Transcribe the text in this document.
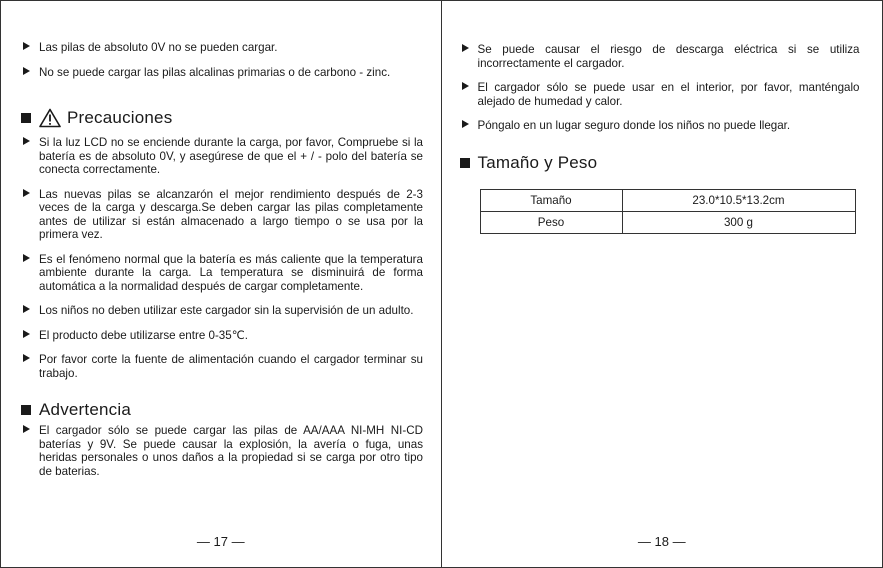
Las pilas de absoluto 0V no se pueden cargar.
No se puede cargar las pilas alcalinas primarias o de carbono - zinc.
Precauciones
Si la luz LCD no se enciende durante la carga, por favor, Compruebe si la batería es de absoluto 0V, y asegúrese de que el + / - polo del batería se conecta correctamente.
Las nuevas pilas se alcanzarón el mejor rendimiento después de 2-3 veces de la carga y descarga.Se deben cargar las pilas completamente antes de utilizar si están almacenado a largo tiempo o se usa por la primera vez.
Es el fenómeno normal que la batería es más caliente que la temperatura ambiente durante la carga. La temperatura se disminuirá de forma automática a la normalidad después de cargar completamente.
Los niños no deben utilizar este cargador sin la supervisión de un adulto.
El producto debe utilizarse entre 0-35℃.
Por favor corte la fuente de alimentación cuando el cargador terminar su trabajo.
Advertencia
El cargador sólo se puede cargar las pilas de AA/AAA NI-MH NI-CD baterías y 9V. Se puede causar la explosión, la avería o fuga, unas heridas personales o unos daños a la propiedad si se carga por otro tipo de baterias.
— 17 —
Se puede causar el riesgo de descarga eléctrica si se utiliza incorrectamente el cargador.
El cargador sólo se puede usar en el interior, por favor, manténgalo alejado de humedad y calor.
Póngalo en un lugar seguro donde los niños no puede llegar.
Tamaño y Peso
Tamaño	23.0*10.5*13.2cm
Peso	300 g
— 18 —
